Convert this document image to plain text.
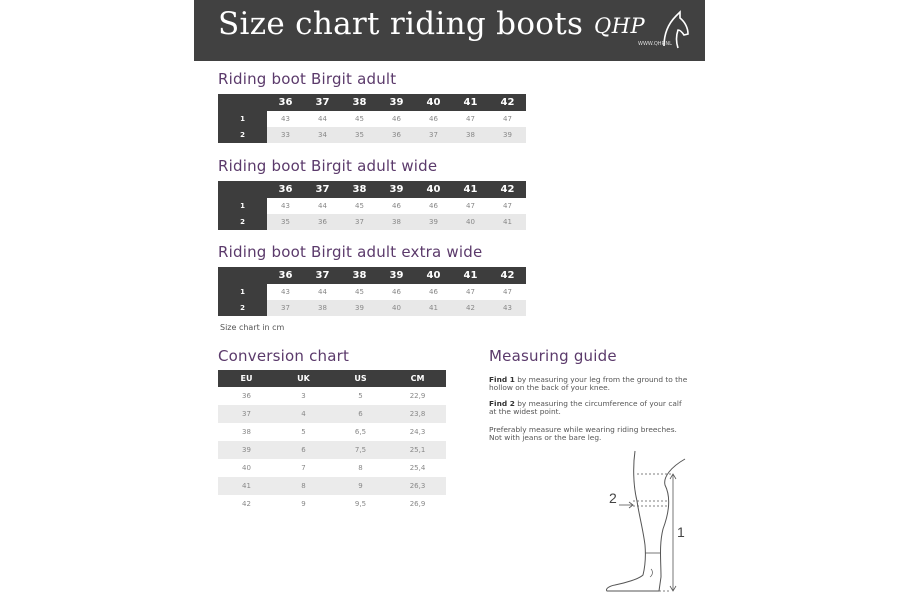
Size chart riding boots QHP
WWW.QHP.NL
Riding boot Birgit adult
	36	37	38	39	40	41	42
1	43	44	45	46	46	47	47
2	33	34	35	36	37	38	39
Riding boot Birgit adult wide
	36	37	38	39	40	41	42
1	43	44	45	46	46	47	47
2	35	36	37	38	39	40	41
Riding boot Birgit adult extra wide
	36	37	38	39	40	41	42
1	43	44	45	46	46	47	47
2	37	38	39	40	41	42	43
Size chart in cm
Conversion chart
EU	UK	US	CM
36	3	5	22,9
37	4	6	23,8
38	5	6,5	24,3
39	6	7,5	25,1
40	7	8	25,4
41	8	9	26,3
42	9	9,5	26,9
Measuring guide
Find 1 by measuring your leg from the ground to the hollow on the back of your knee.
Find 2 by measuring the circumference of your calf at the widest point.
Preferably measure while wearing riding breeches. Not with jeans or the bare leg.
2
1
